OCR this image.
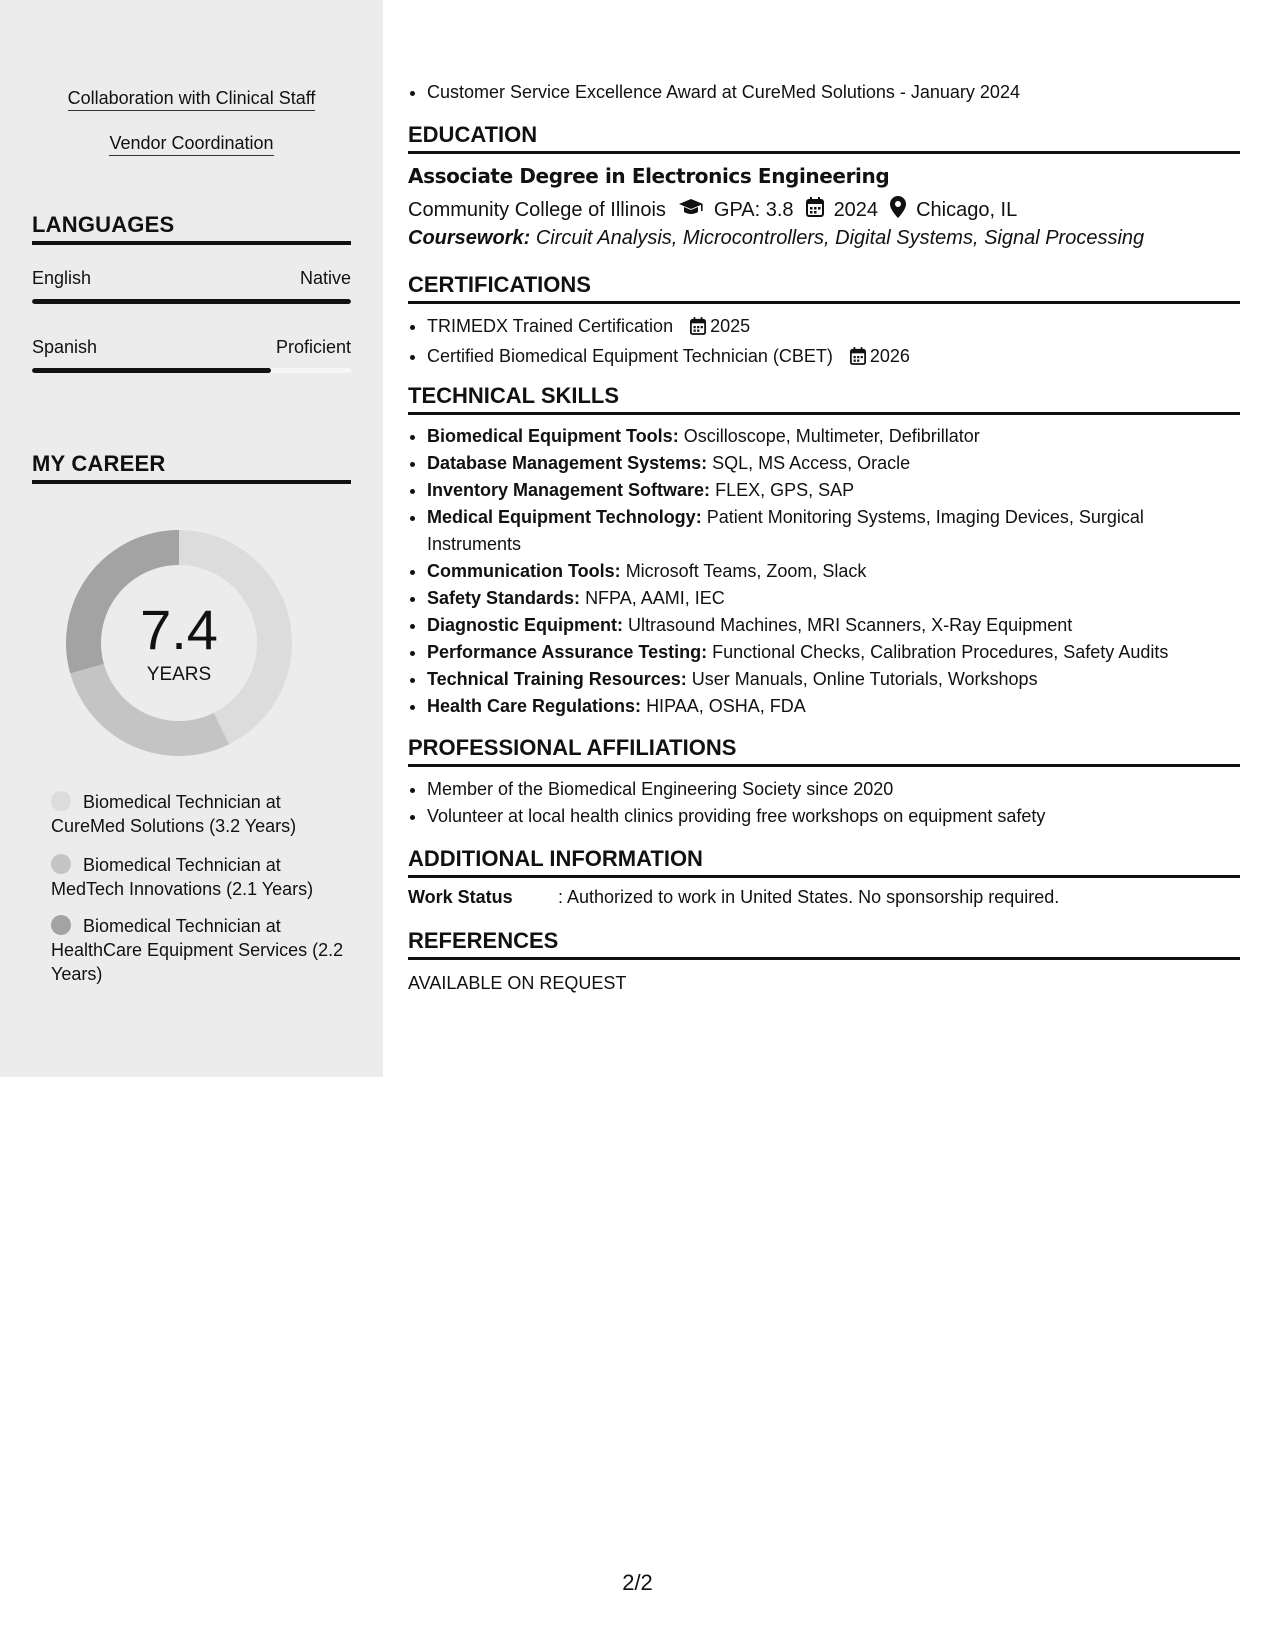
Collaboration with Clinical Staff
Vendor Coordination
LANGUAGES
English	Native
Spanish	Proficient
MY CAREER
7.4
YEARS
Biomedical Technician at CureMed Solutions (3.2 Years)
Biomedical Technician at MedTech Innovations (2.1 Years)
Biomedical Technician at HealthCare Equipment Services (2.2 Years)
• Customer Service Excellence Award at CureMed Solutions - January 2024
EDUCATION
Associate Degree in Electronics Engineering
Community College of Illinois GPA: 3.8 2024 Chicago, IL
Coursework: Circuit Analysis, Microcontrollers, Digital Systems, Signal Processing
CERTIFICATIONS
• TRIMEDX Trained Certification 2025
• Certified Biomedical Equipment Technician (CBET) 2026
TECHNICAL SKILLS
• Biomedical Equipment Tools: Oscilloscope, Multimeter, Defibrillator
• Database Management Systems: SQL, MS Access, Oracle
• Inventory Management Software: FLEX, GPS, SAP
• Medical Equipment Technology: Patient Monitoring Systems, Imaging Devices, Surgical Instruments
• Communication Tools: Microsoft Teams, Zoom, Slack
• Safety Standards: NFPA, AAMI, IEC
• Diagnostic Equipment: Ultrasound Machines, MRI Scanners, X-Ray Equipment
• Performance Assurance Testing: Functional Checks, Calibration Procedures, Safety Audits
• Technical Training Resources: User Manuals, Online Tutorials, Workshops
• Health Care Regulations: HIPAA, OSHA, FDA
PROFESSIONAL AFFILIATIONS
• Member of the Biomedical Engineering Society since 2020
• Volunteer at local health clinics providing free workshops on equipment safety
ADDITIONAL INFORMATION
Work Status	: Authorized to work in United States. No sponsorship required.
REFERENCES
AVAILABLE ON REQUEST
2/2
